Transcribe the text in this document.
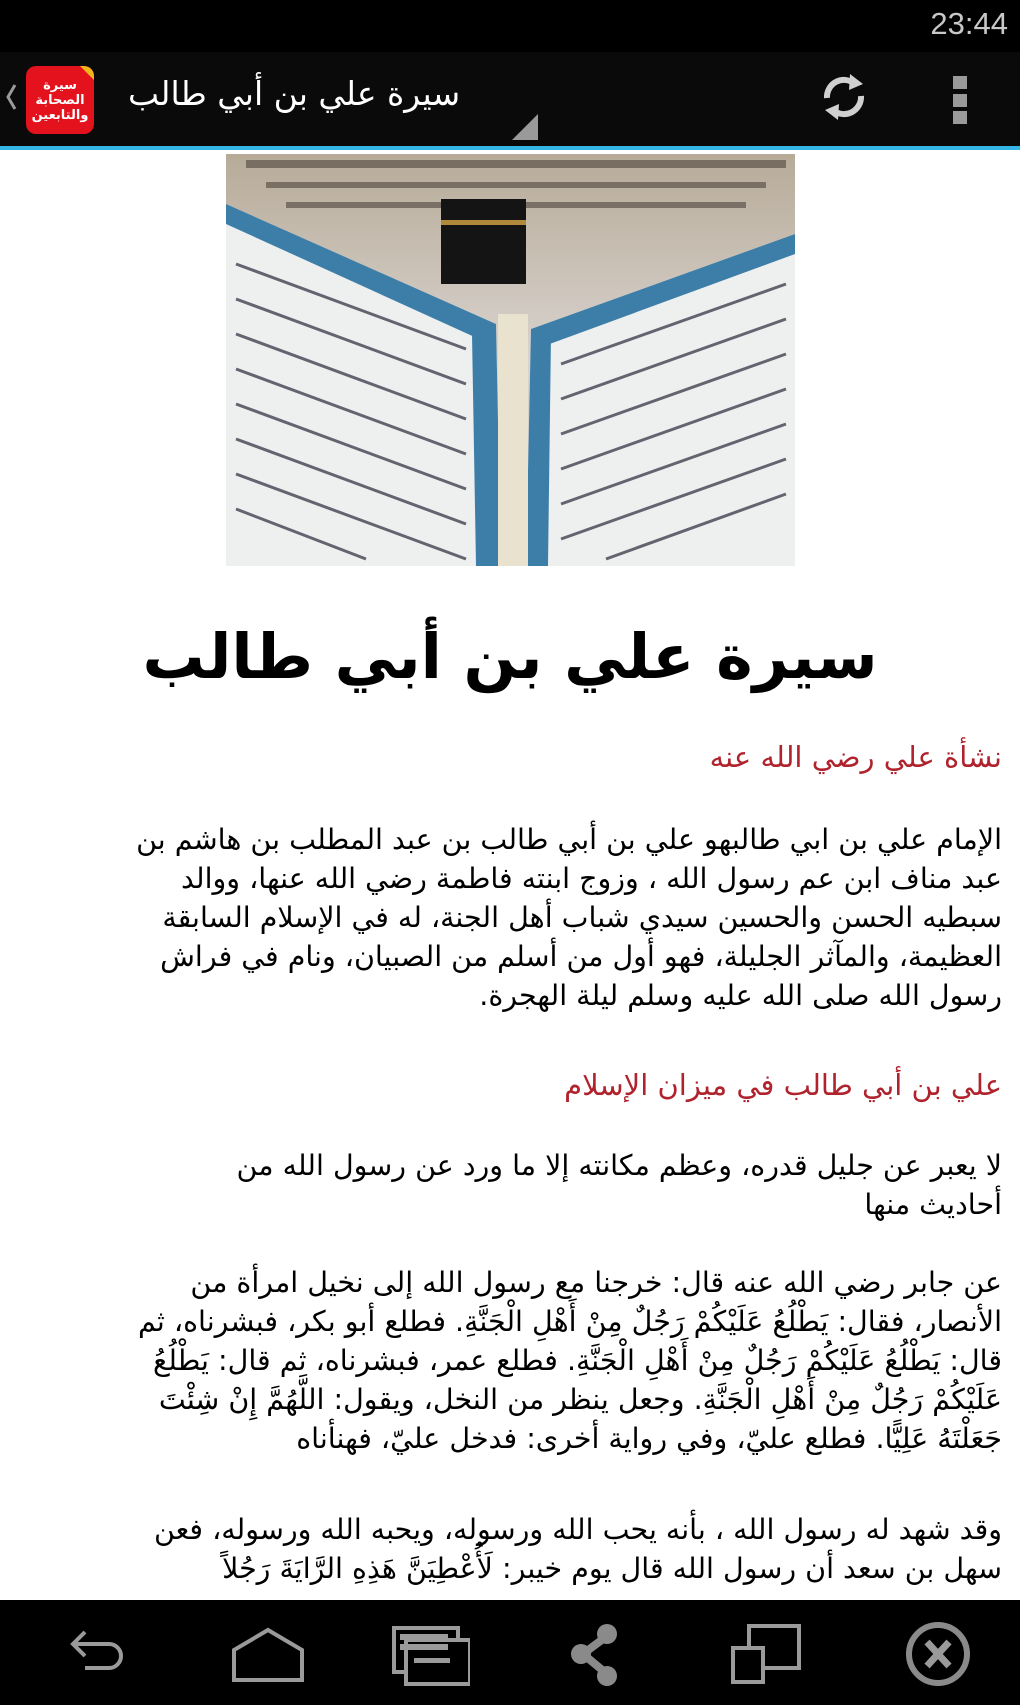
23:44
سيرة
الصحابة
والتابعين
سيرة علي بن أبي طالب
سيرة علي بن أبي طالب
نشأة علي رضي الله عنه
الإمام علي بن ابي طالبهو علي بن أبي طالب بن عبد المطلب بن هاشم بن
عبد مناف ابن عم رسول الله ، وزوج ابنته فاطمة رضي الله عنها، ووالد
سبطيه الحسن والحسين سيدي شباب أهل الجنة، له في الإسلام السابقة
العظيمة، والمآثر الجليلة، فهو أول من أسلم من الصبيان، ونام في فراش
رسول الله صلى الله عليه وسلم ليلة الهجرة.
علي بن أبي طالب في ميزان الإسلام
لا يعبر عن جليل قدره، وعظم مكانته إلا ما ورد عن رسول الله من
أحاديث منها
عن جابر رضي الله عنه قال: خرجنا مع رسول الله إلى نخيل امرأة من
الأنصار، فقال: يَطْلُعُ عَلَيْكُمْ رَجُلٌ مِنْ أَهْلِ الْجَنَّةِ. فطلع أبو بكر، فبشرناه، ثم
قال: يَطْلُعُ عَلَيْكُمْ رَجُلٌ مِنْ أَهْلِ الْجَنَّةِ. فطلع عمر، فبشرناه، ثم قال: يَطْلُعُ
عَلَيْكُمْ رَجُلٌ مِنْ أَهْلِ الْجَنَّةِ. وجعل ينظر من النخل، ويقول: اللَّهُمَّ إِنْ شِئْتَ
جَعَلْتَهُ عَلِيًّا. فطلع عليّ، وفي رواية أخرى: فدخل عليّ، فهنأناه
وقد شهد له رسول الله ، بأنه يحب الله ورسوله، ويحبه الله ورسوله، فعن
سهل بن سعد أن رسول الله قال يوم خيبر: لَأُعْطِيَنَّ هَذِهِ الرَّايَةَ رَجُلاً
